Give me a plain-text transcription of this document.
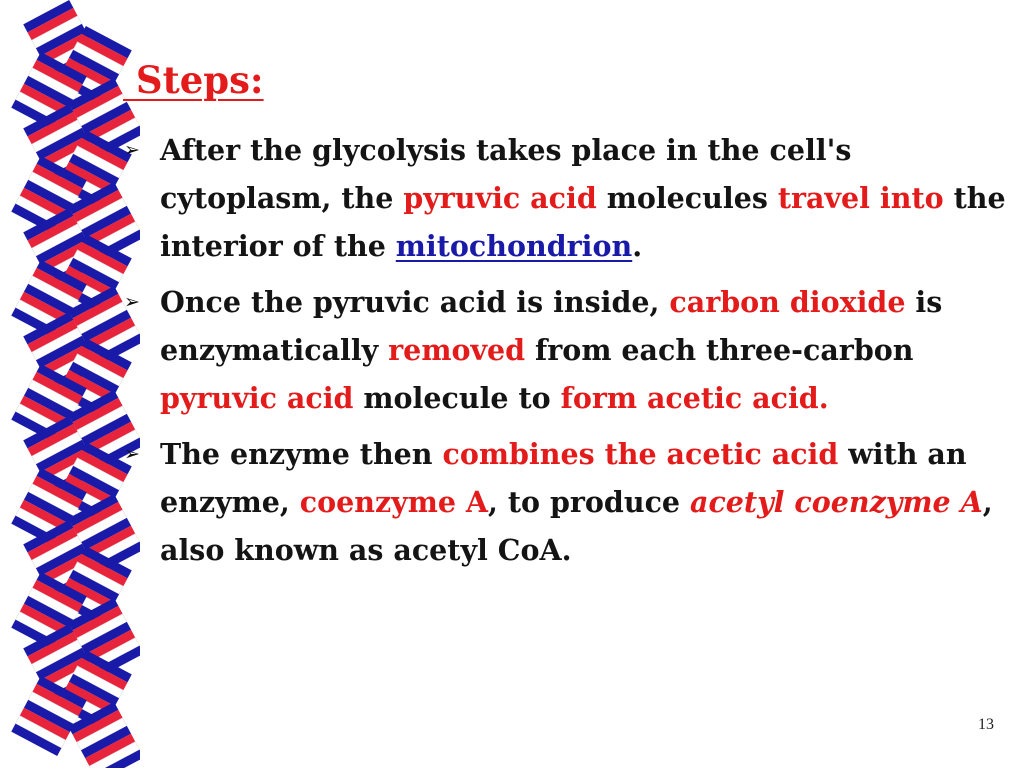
Steps:
➢ After the glycolysis takes place in the cell's cytoplasm, the pyruvic acid molecules travel into the interior of the mitochondrion.
➢ Once the pyruvic acid is inside, carbon dioxide is enzymatically removed from each three-carbon pyruvic acid molecule to form acetic acid.
➢ The enzyme then combines the acetic acid with an enzyme, coenzyme A, to produce acetyl coenzyme A, also known as acetyl CoA.
13
